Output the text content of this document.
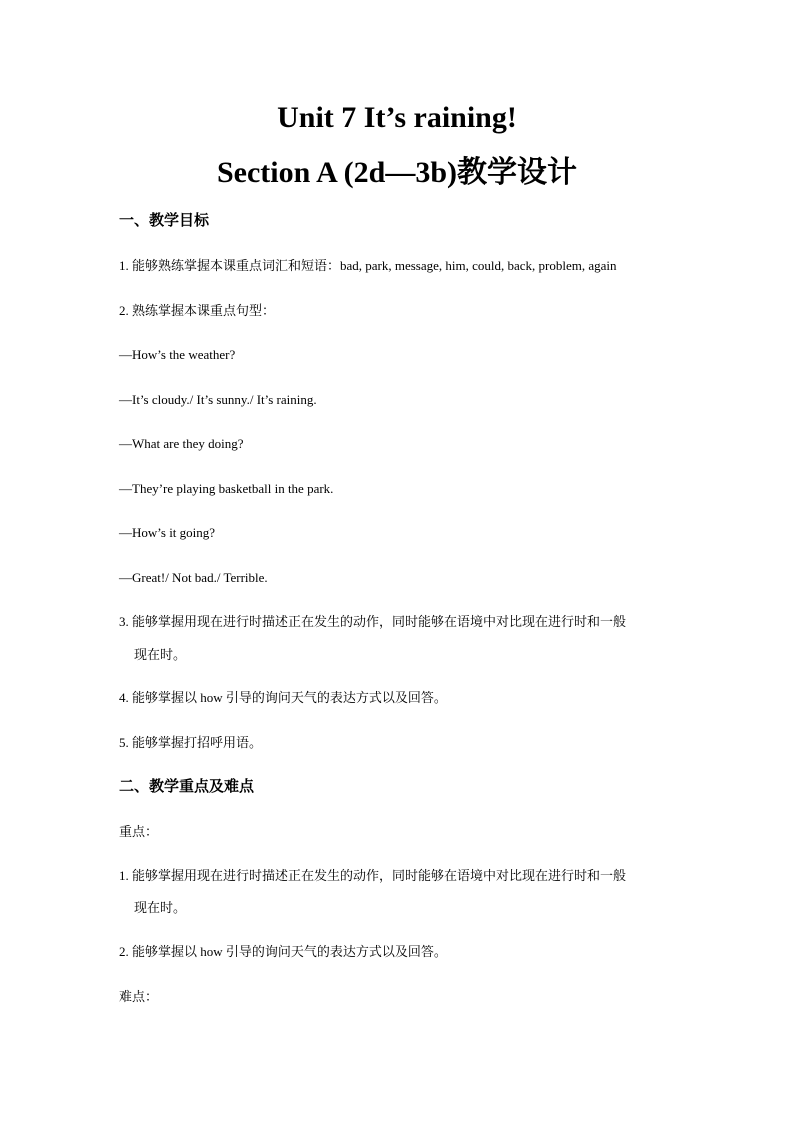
Unit 7 It’s raining!
Section A (2d—3b)教学设计
一、教学目标
1. 能够熟练掌握本课重点词汇和短语：bad, park, message, him, could, back, problem, again
2. 熟练掌握本课重点句型：
—How’s the weather?
—It’s cloudy./ It’s sunny./ It’s raining.
—What are they doing?
—They’re playing basketball in the park.
—How’s it going?
—Great!/ Not bad./ Terrible.
3. 能够掌握用现在进行时描述正在发生的动作，同时能够在语境中对比现在进行时和一般
现在时。
4. 能够掌握以 how 引导的询问天气的表达方式以及回答。
5. 能够掌握打招呼用语。
二、教学重点及难点
重点：
1. 能够掌握用现在进行时描述正在发生的动作，同时能够在语境中对比现在进行时和一般
现在时。
2. 能够掌握以 how 引导的询问天气的表达方式以及回答。
难点：
